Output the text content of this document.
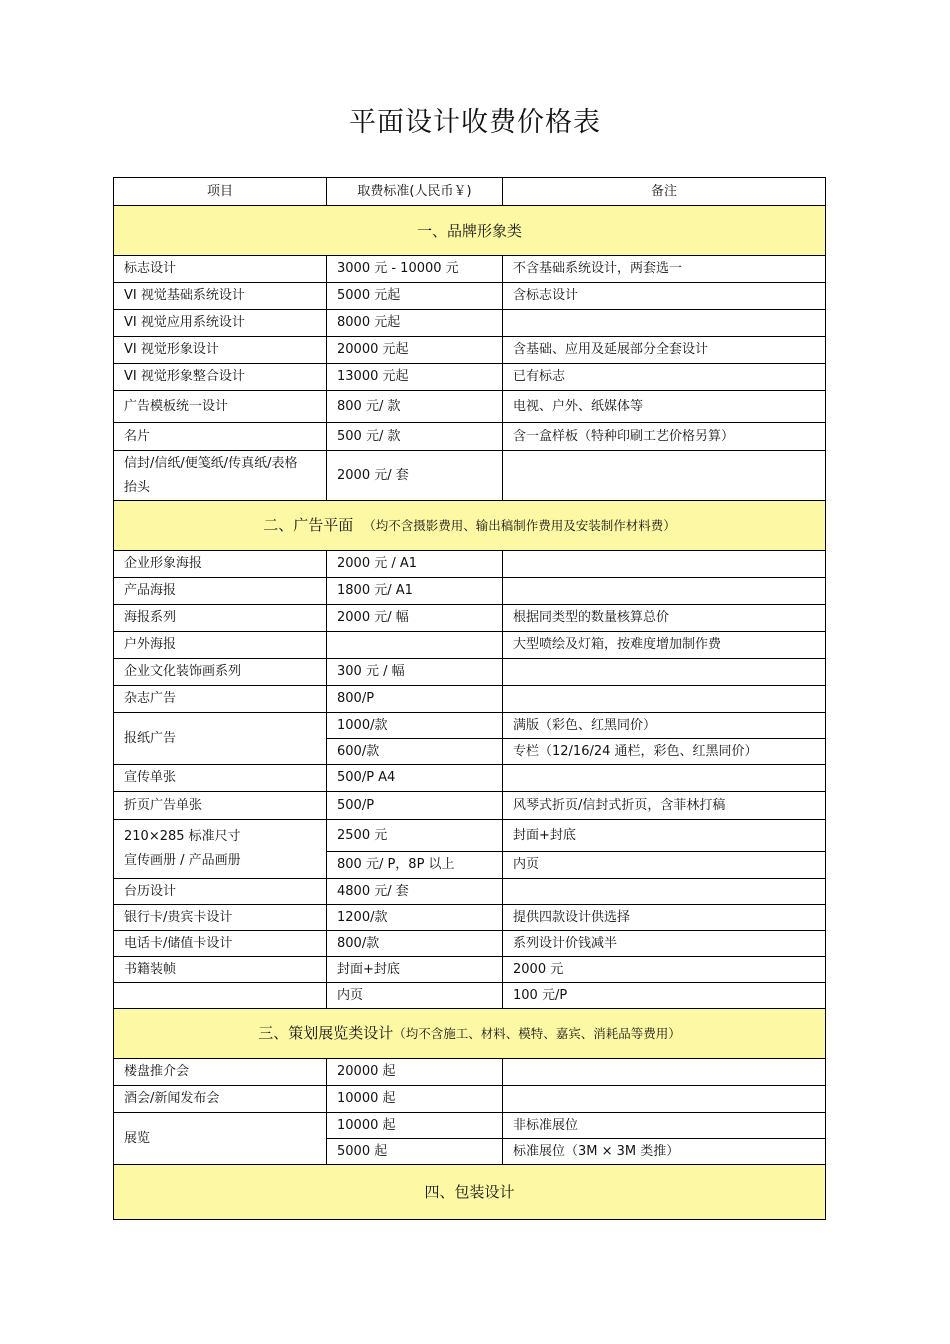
平面设计收费价格表
项目	取费标准(人民币￥)	备注
一、品牌形象类		
标志设计	3000 元 - 10000 元	不含基础系统设计，两套选一
VI 视觉基础系统设计	5000 元起	含标志设计
VI 视觉应用系统设计	8000 元起	
VI 视觉形象设计	20000 元起	含基础、应用及延展部分全套设计
VI 视觉形象整合设计	13000 元起	已有标志
广告模板统一设计	800 元/ 款	电视、户外、纸媒体等
名片	500 元/ 款	含一盒样板（特种印刷工艺价格另算）

信封/信纸/便笺纸/传真纸/表格
抬头	2000 元/ 套	
二、广告平面 （均不含摄影费用、输出稿制作费用及安装制作材料费）		
企业形象海报	2000 元 / A1	
产品海报	1800 元/ A1	
海报系列	2000 元/ 幅	根据同类型的数量核算总价
户外海报		大型喷绘及灯箱，按难度增加制作费
企业文化装饰画系列	300 元 / 幅	
杂志广告	800/P	
报纸广告	1000/款	满版（彩色、红黑同价）
	600/款	专栏（12/16/24 通栏，彩色、红黑同价）
宣传单张	500/P A4	
折页广告单张	500/P	风琴式折页/信封式折页，含菲林打稿

210×285 标准尺寸
宣传画册 / 产品画册	2500 元	封面+封底
	800 元/ P，8P 以上	内页
台历设计	4800 元/ 套	
银行卡/贵宾卡设计	1200/款	提供四款设计供选择
电话卡/储值卡设计	800/款	系列设计价钱减半
书籍装帧	封面+封底	2000 元
	内页	100 元/P
三、策划展览类设计（均不含施工、材料、模特、嘉宾、消耗品等费用）		
楼盘推介会	20000 起	
酒会/新闻发布会	10000 起	
展览	10000 起	非标准展位
	5000 起	标准展位（3M × 3M 类推）
四、包装设计		
